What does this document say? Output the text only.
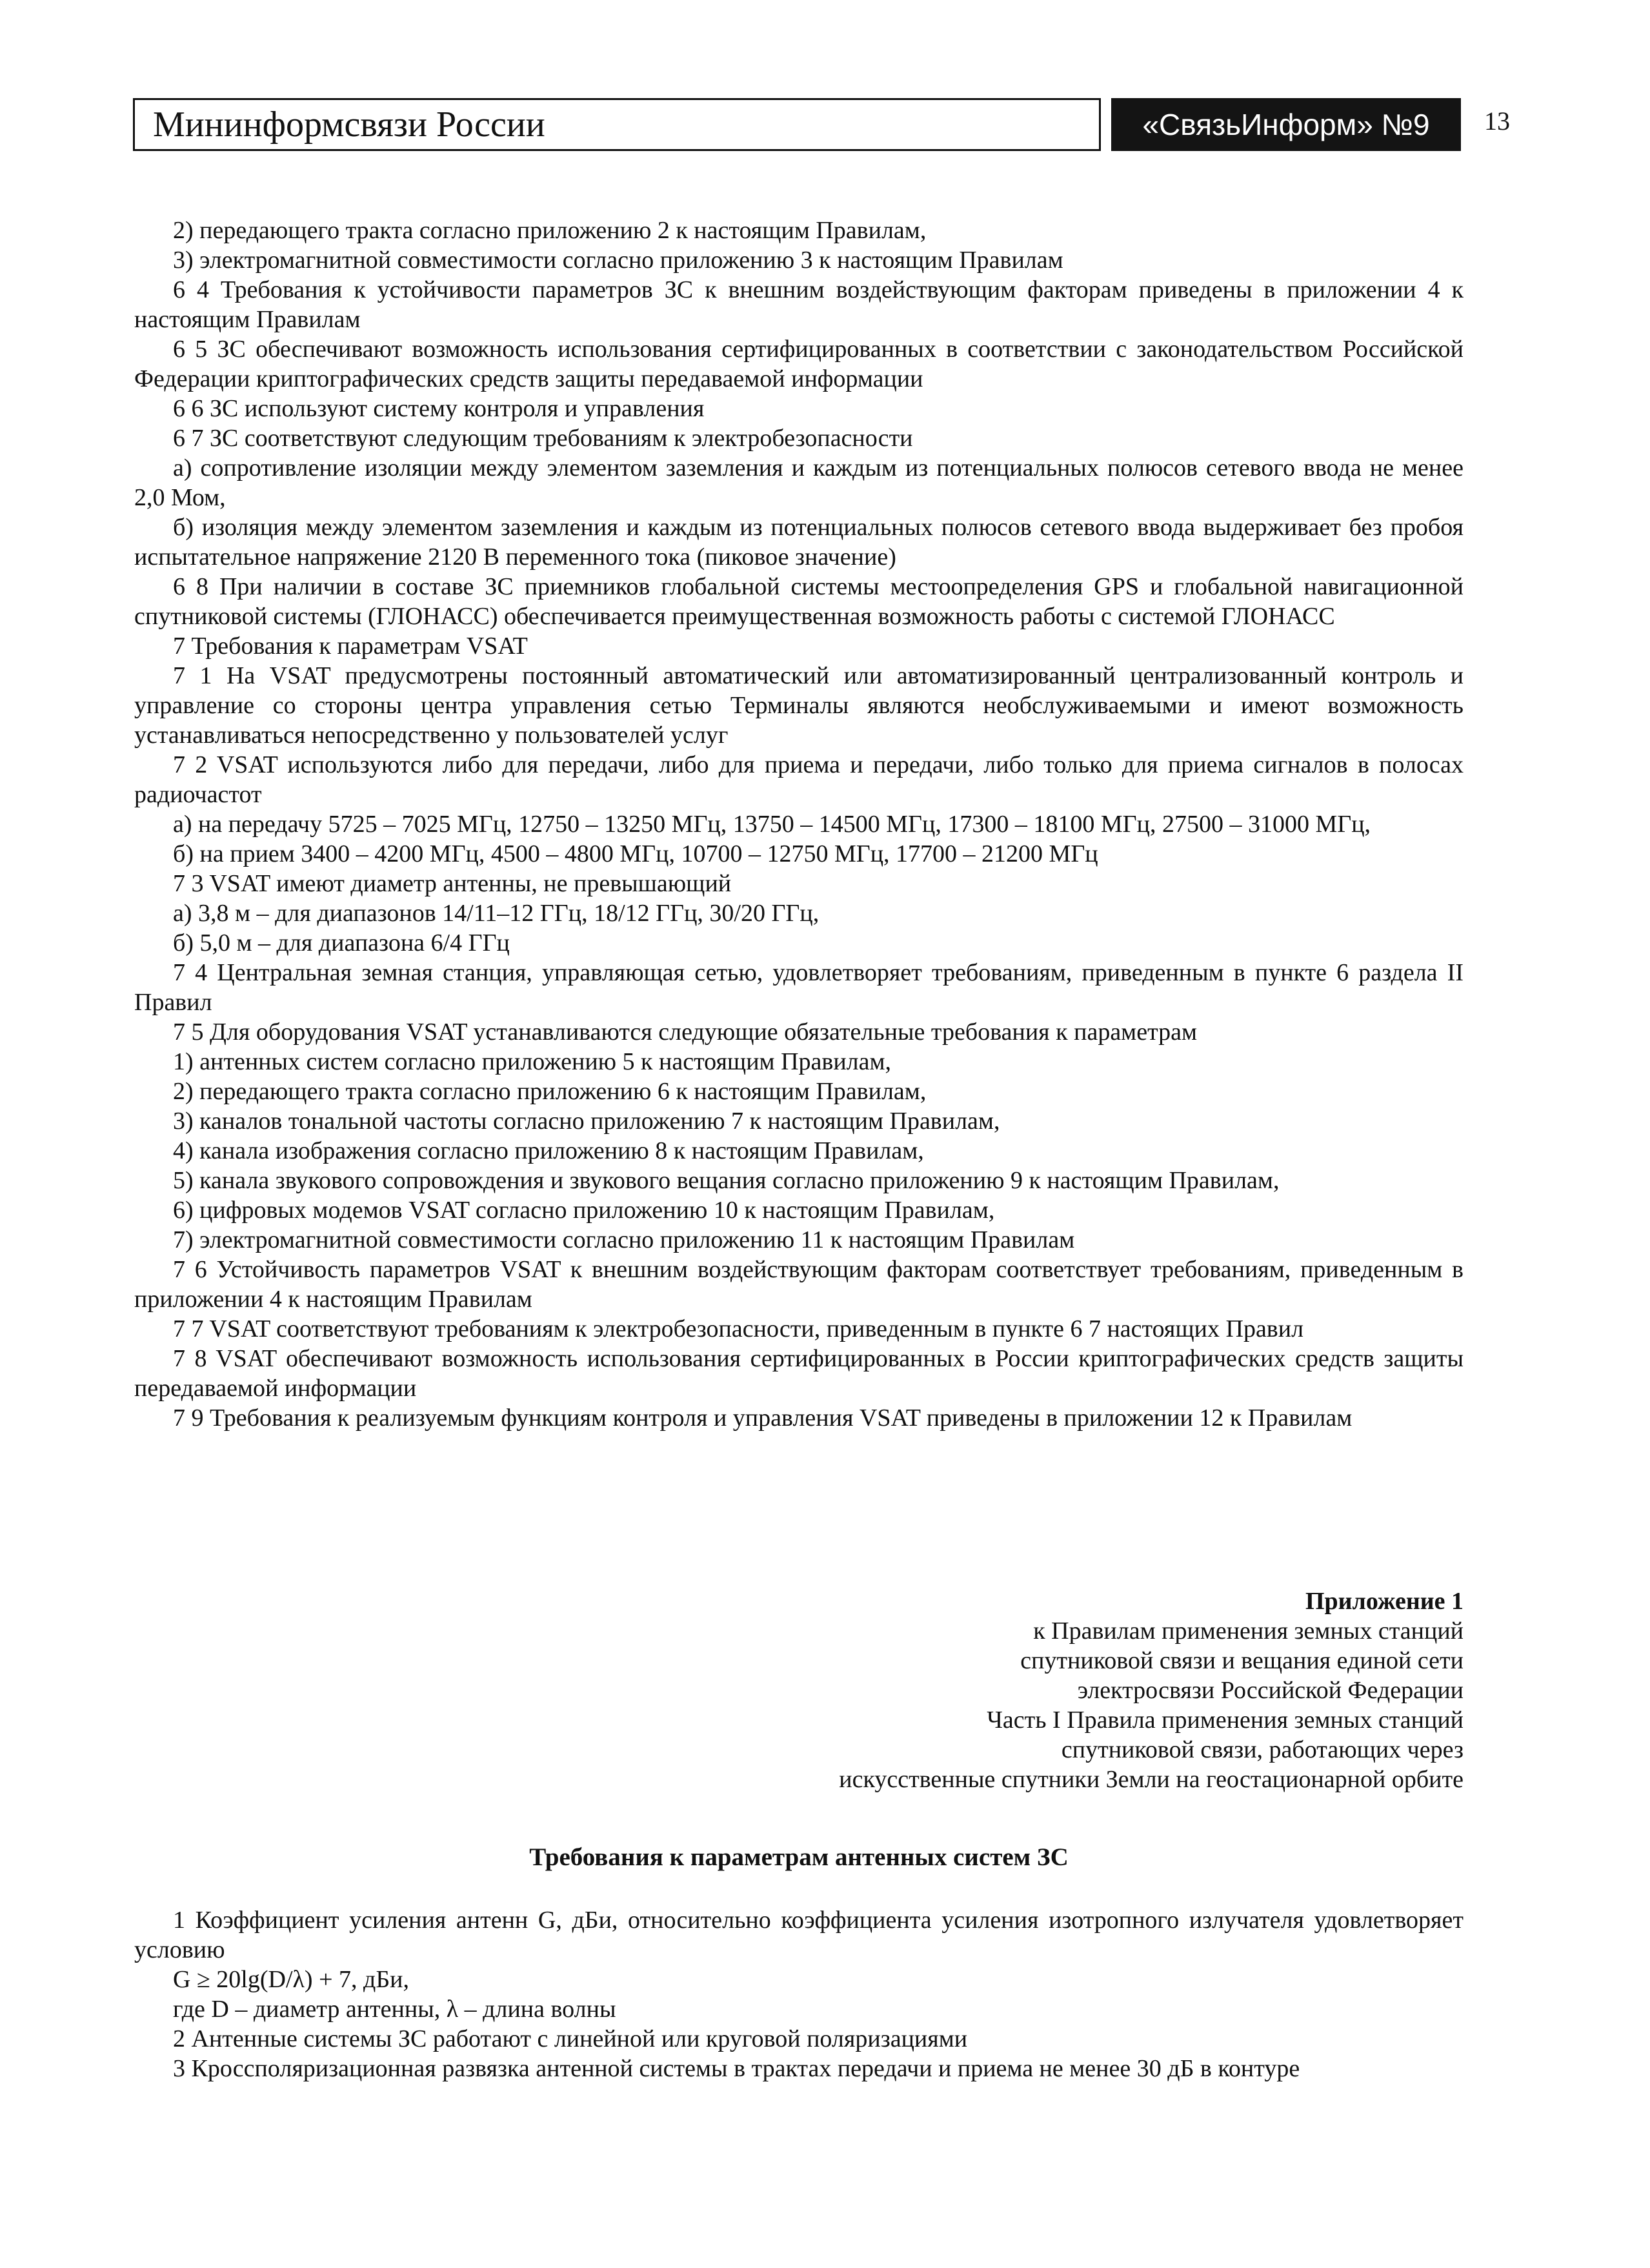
Мининформсвязи России	«СвязьИнформ» №9 13

2) передающего тракта согласно приложению 2 к настоящим Правилам,

3) электромагнитной совместимости согласно приложению 3 к настоящим Правилам

6 4 Требования к устойчивости параметров ЗС к внешним воздействующим факторам приведены в приложении 4 к настоящим Правилам

6 5 ЗС обеспечивают возможность использования сертифицированных в соответствии с законодательством Российской Федерации криптографических средств защиты передаваемой информации

6 6 ЗС используют систему контроля и управления

6 7 ЗС соответствуют следующим требованиям к электробезопасности

а) сопротивление изоляции между элементом заземления и каждым из потенциальных полюсов сетевого ввода не менее 2,0 Мом,

б) изоляция между элементом заземления и каждым из потенциальных полюсов сетевого ввода выдерживает без пробоя испытательное напряжение 2120 В переменного тока (пиковое значение)

6 8 При наличии в составе ЗС приемников глобальной системы местоопределения GPS и глобальной навигационной спутниковой системы (ГЛОНАСС) обеспечивается преимущественная возможность работы с системой ГЛОНАСС

7 Требования к параметрам VSAT

7 1 На VSAT предусмотрены постоянный автоматический или автоматизированный централизованный контроль и управление со стороны центра управления сетью Терминалы являются необслуживаемыми и имеют возможность устанавливаться непосредственно у пользователей услуг

7 2 VSAT используются либо для передачи, либо для приема и передачи, либо только для приема сигналов в полосах радиочастот

а) на передачу 5725 – 7025 МГц, 12750 – 13250 МГц, 13750 – 14500 МГц, 17300 – 18100 МГц, 27500 – 31000 МГц,

б) на прием 3400 – 4200 МГц, 4500 – 4800 МГц, 10700 – 12750 МГц, 17700 – 21200 МГц

7 3 VSAT имеют диаметр антенны, не превышающий

а) 3,8 м – для диапазонов 14/11–12 ГГц, 18/12 ГГц, 30/20 ГГц,

б) 5,0 м – для диапазона 6/4 ГГц

7 4 Центральная земная станция, управляющая сетью, удовлетворяет требованиям, приведенным в пункте 6 раздела II Правил

7 5 Для оборудования VSAT устанавливаются следующие обязательные требования к параметрам

1) антенных систем согласно приложению 5 к настоящим Правилам,

2) передающего тракта согласно приложению 6 к настоящим Правилам,

3) каналов тональной частоты согласно приложению 7 к настоящим Правилам,

4) канала изображения согласно приложению 8 к настоящим Правилам,

5) канала звукового сопровождения и звукового вещания согласно приложению 9 к настоящим Правилам,

6) цифровых модемов VSAT согласно приложению 10 к настоящим Правилам,

7) электромагнитной совместимости согласно приложению 11 к настоящим Правилам

7 6 Устойчивость параметров VSAT к внешним воздействующим факторам соответствует требованиям, приведенным в приложении 4 к настоящим Правилам

7 7 VSAT соответствуют требованиям к электробезопасности, приведенным в пункте 6 7 настоящих Правил

7 8 VSAT обеспечивают возможность использования сертифицированных в России криптографических средств защиты передаваемой информации

7 9 Требования к реализуемым функциям контроля и управления VSAT приведены в приложении 12 к Правилам

Приложение 1
к Правилам применения земных станций
спутниковой связи и вещания единой сети
электросвязи Российской Федерации
Часть I Правила применения земных станций
спутниковой связи, работающих через
искусственные спутники Земли на геостационарной орбите
Требования к параметрам антенных систем ЗС

1 Коэффициент усиления антенн G, дБи, относительно коэффициента усиления изотропного излучателя удовлетворяет условию

G ≥ 20lg(D/λ) + 7, дБи,

где D – диаметр антенны, λ – длина волны

2 Антенные системы ЗС работают с линейной или круговой поляризациями

3 Кроссполяризационная развязка антенной системы в трактах передачи и приема не менее 30 дБ в контуре
